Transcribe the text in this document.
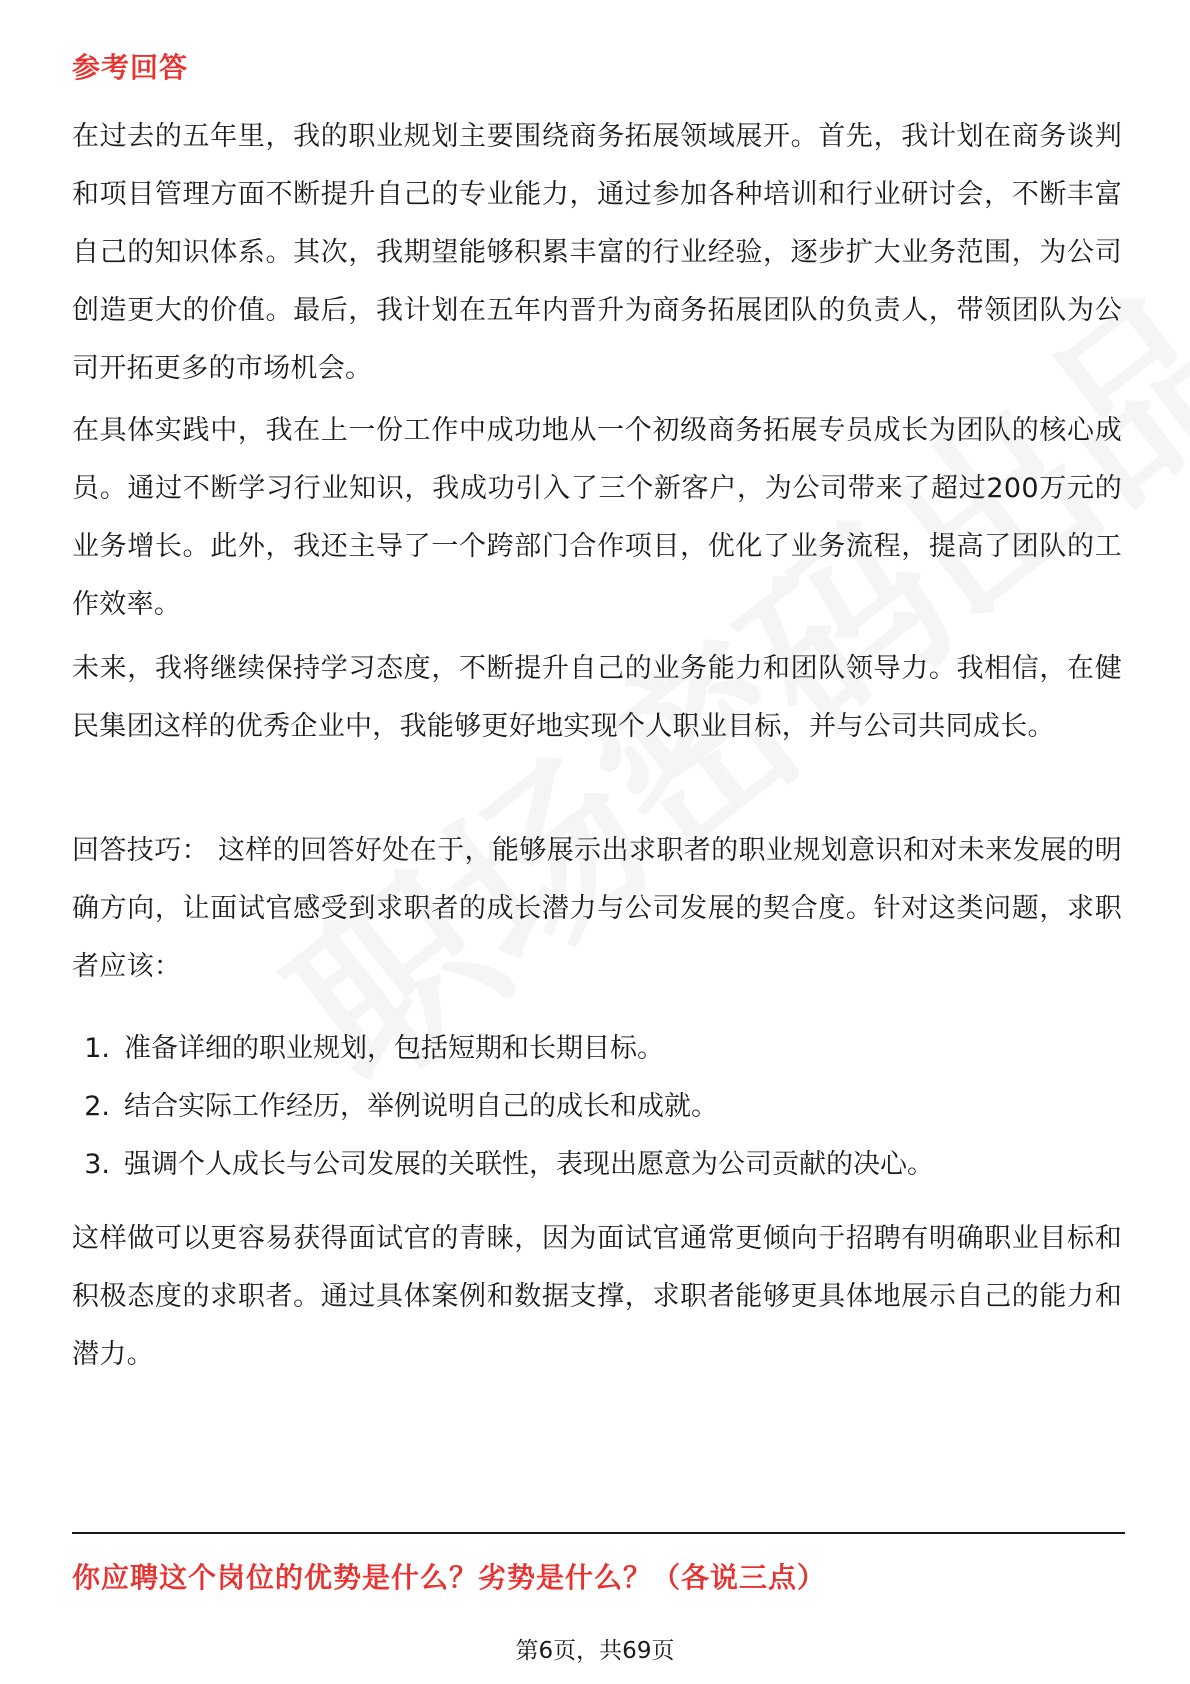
参考回答

在过去的五年里，我的职业规划主要围绕商务拓展领域展开。首先，我计划在商务谈判和项目管理方面不断提升自己的专业能力，通过参加各种培训和行业研讨会，不断丰富自己的知识体系。其次，我期望能够积累丰富的行业经验，逐步扩大业务范围，为公司创造更大的价值。最后，我计划在五年内晋升为商务拓展团队的负责人，带领团队为公司开拓更多的市场机会。

在具体实践中，我在上一份工作中成功地从一个初级商务拓展专员成长为团队的核心成员。通过不断学习行业知识，我成功引入了三个新客户，为公司带来了超过200万元的业务增长。此外，我还主导了一个跨部门合作项目，优化了业务流程，提高了团队的工作效率。

未来，我将继续保持学习态度，不断提升自己的业务能力和团队领导力。我相信，在健民集团这样的优秀企业中，我能够更好地实现个人职业目标，并与公司共同成长。

回答技巧： 这样的回答好处在于，能够展示出求职者的职业规划意识和对未来发展的明确方向，让面试官感受到求职者的成长潜力与公司发展的契合度。针对这类问题，求职者应该：

1. 准备详细的职业规划，包括短期和长期目标。
2. 结合实际工作经历，举例说明自己的成长和成就。
3. 强调个人成长与公司发展的关联性，表现出愿意为公司贡献的决心。

这样做可以更容易获得面试官的青睐，因为面试官通常更倾向于招聘有明确职业目标和积极态度的求职者。通过具体案例和数据支撑，求职者能够更具体地展示自己的能力和潜力。

你应聘这个岗位的优势是什么？劣势是什么？（各说三点）
第6页，共69页
